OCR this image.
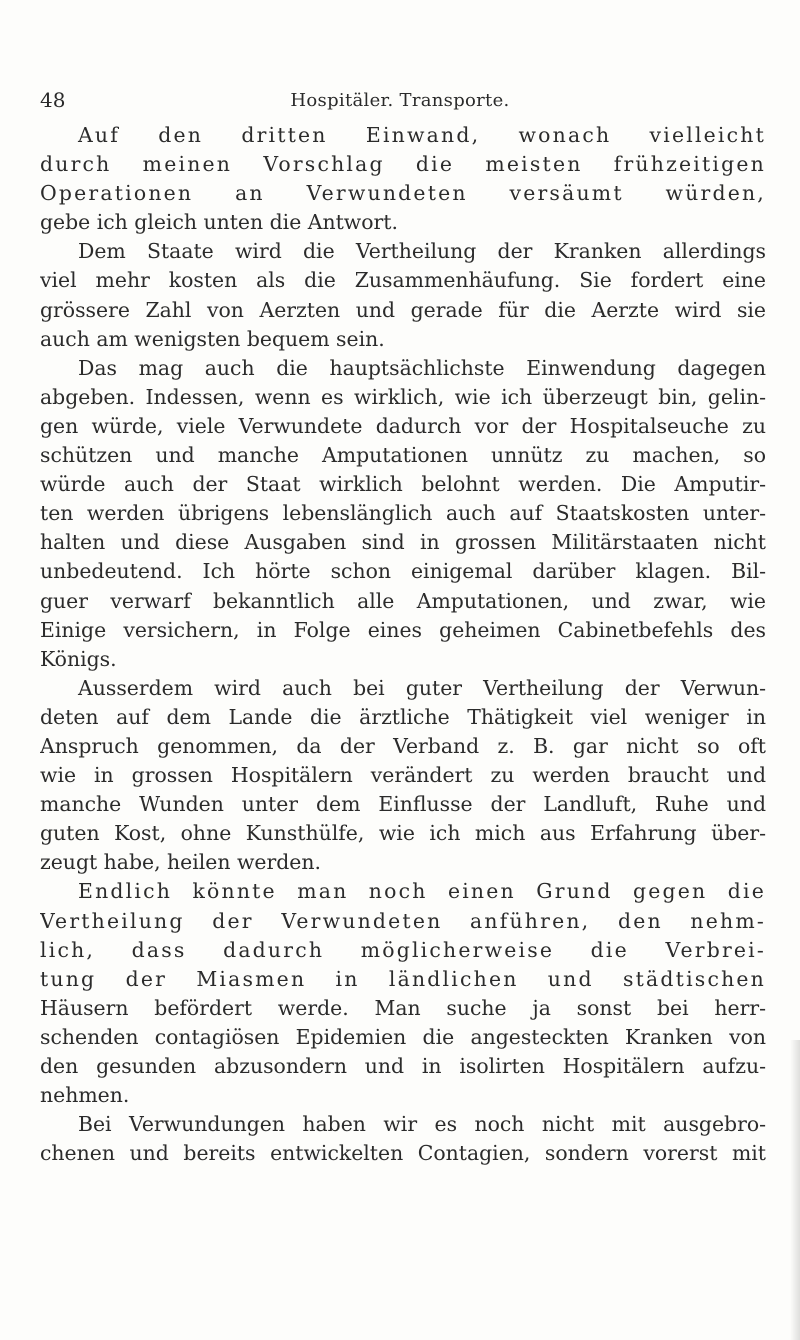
48	Hospitäler. Transporte.
Auf den dritten Einwand, wonach vielleicht
durch meinen Vorschlag die meisten frühzeitigen
Operationen an Verwundeten versäumt würden,
gebe ich gleich unten die Antwort.
Dem Staate wird die Vertheilung der Kranken allerdings
viel mehr kosten als die Zusammenhäufung. Sie fordert eine
grössere Zahl von Aerzten und gerade für die Aerzte wird sie
auch am wenigsten bequem sein.
Das mag auch die hauptsächlichste Einwendung dagegen
abgeben. Indessen, wenn es wirklich, wie ich überzeugt bin, gelin-
gen würde, viele Verwundete dadurch vor der Hospitalseuche zu
schützen und manche Amputationen unnütz zu machen, so
würde auch der Staat wirklich belohnt werden. Die Amputir-
ten werden übrigens lebenslänglich auch auf Staatskosten unter-
halten und diese Ausgaben sind in grossen Militärstaaten nicht
unbedeutend. Ich hörte schon einigemal darüber klagen. Bil-
guer verwarf bekanntlich alle Amputationen, und zwar, wie
Einige versichern, in Folge eines geheimen Cabinetbefehls des
Königs.
Ausserdem wird auch bei guter Vertheilung der Verwun-
deten auf dem Lande die ärztliche Thätigkeit viel weniger in
Anspruch genommen, da der Verband z. B. gar nicht so oft
wie in grossen Hospitälern verändert zu werden braucht und
manche Wunden unter dem Einflusse der Landluft, Ruhe und
guten Kost, ohne Kunsthülfe, wie ich mich aus Erfahrung über-
zeugt habe, heilen werden.
Endlich könnte man noch einen Grund gegen die
Vertheilung der Verwundeten anführen, den nehm-
lich, dass dadurch möglicherweise die Verbrei-
tung der Miasmen in ländlichen und städtischen
Häusern befördert werde. Man suche ja sonst bei herr-
schenden contagiösen Epidemien die angesteckten Kranken von
den gesunden abzusondern und in isolirten Hospitälern aufzu-
nehmen.
Bei Verwundungen haben wir es noch nicht mit ausgebro-
chenen und bereits entwickelten Contagien, sondern vorerst mit
